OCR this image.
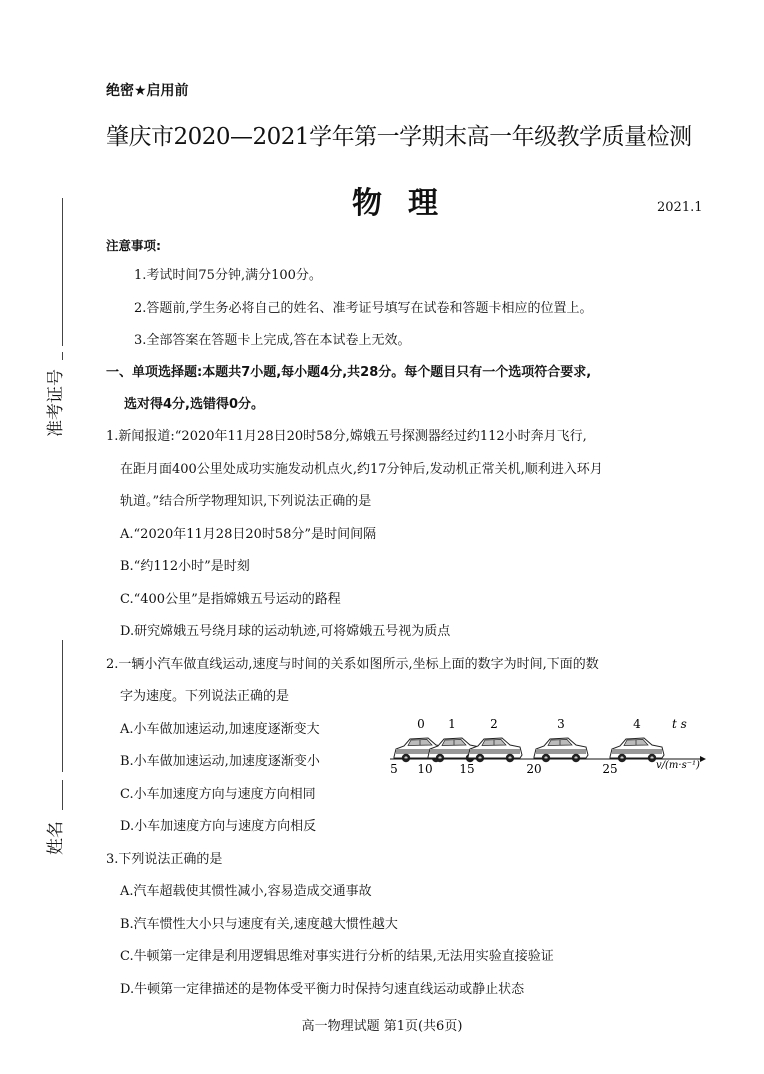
准考证号
姓名
绝密★启用前
肇庆市2020—2021学年第一学期末高一年级教学质量检测
物理	2021.1
注意事项:
1.考试时间75分钟,满分100分。
2.答题前,学生务必将自己的姓名、准考证号填写在试卷和答题卡相应的位置上。
3.全部答案在答题卡上完成,答在本试卷上无效。
一、单项选择题:本题共7小题,每小题4分,共28分。每个题目只有一个选项符合要求,
选对得4分,选错得0分。
1.新闻报道:“2020年11月28日20时58分,嫦娥五号探测器经过约112小时奔月飞行,
在距月面400公里处成功实施发动机点火,约17分钟后,发动机正常关机,顺利进入环月
轨道。”结合所学物理知识,下列说法正确的是
A.“2020年11月28日20时58分”是时间间隔
B.“约112小时”是时刻
C.“400公里”是指嫦娥五号运动的路程
D.研究嫦娥五号绕月球的运动轨迹,可将嫦娥五号视为质点
2.一辆小汽车做直线运动,速度与时间的关系如图所示,坐标上面的数字为时间,下面的数
字为速度。下列说法正确的是
A.小车做加速运动,加速度逐渐变大
B.小车做加速运动,加速度逐渐变小
C.小车加速度方向与速度方向相同
D.小车加速度方向与速度方向相反
0 1	2	3	4	t s
5 10 15	20	25	v/(m·s⁻¹)
3.下列说法正确的是
A.汽车超载使其惯性减小,容易造成交通事故
B.汽车惯性大小只与速度有关,速度越大惯性越大
C.牛顿第一定律是利用逻辑思维对事实进行分析的结果,无法用实验直接验证
D.牛顿第一定律描述的是物体受平衡力时保持匀速直线运动或静止状态
高一物理试题 第1页(共6页)
